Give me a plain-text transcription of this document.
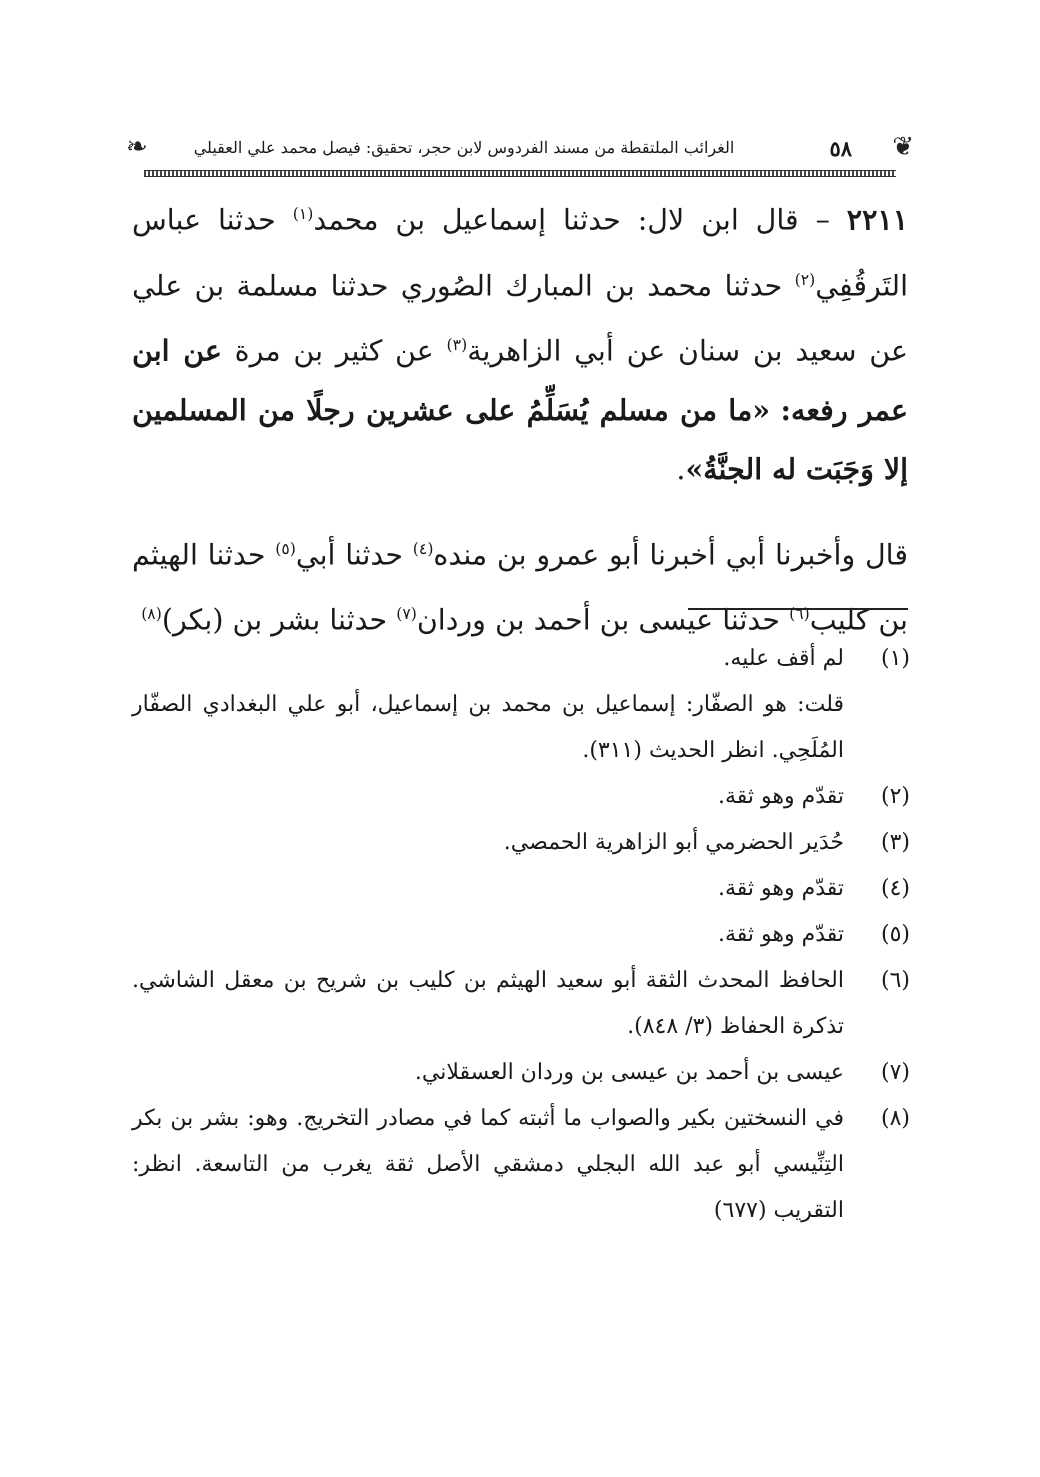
❦
٥٨
الغرائب الملتقطة من مسند الفردوس لابن حجر، تحقيق: فيصل محمد علي العقيلي
❧

٢٢١١ – قال ابن لال: حدثنا إسماعيل بن محمد$^{(١)}$ حدثنا عباس التَرقُفِي$^{(٢)}$ حدثنا محمد بن المبارك الصُوري حدثنا مسلمة بن علي عن سعيد بن سنان عن أبي الزاهرية$^{(٣)}$ عن كثير بن مرة عن ابن عمر رفعه: «ما من مسلم يُسَلِّمُ على عشرين رجلًا من المسلمين إلا وَجَبَت له الجنَّةُ».

قال وأخبرنا أبي أخبرنا أبو عمرو بن منده$^{(٤)}$ حدثنا أبي$^{(٥)}$ حدثنا الهيثم بن كليب$^{(٦)}$ حدثنا عيسى بن أحمد بن وردان$^{(٧)}$ حدثنا بشر بن (بكر)$^{(٨)}$

(١)
لم أقف عليه.
قلت: هو الصفّار: إسماعيل بن محمد بن إسماعيل، أبو علي البغدادي الصفّار المُلَحِي. انظر الحديث (٣١١).
(٢)
تقدّم وهو ثقة.
(٣)
حُدَير الحضرمي أبو الزاهرية الحمصي.
(٤)
تقدّم وهو ثقة.
(٥)
تقدّم وهو ثقة.
(٦)
الحافظ المحدث الثقة أبو سعيد الهيثم بن كليب بن شريح بن معقل الشاشي. تذكرة الحفاظ (٣/ ٨٤٨).
(٧)
عيسى بن أحمد بن عيسى بن وردان العسقلاني.
(٨)
في النسختين بكير والصواب ما أثبته كما في مصادر التخريج. وهو: بشر بن بكر التِنِّيسي أبو عبد الله البجلي دمشقي الأصل ثقة يغرب من التاسعة. انظر: التقريب (٦٧٧)
